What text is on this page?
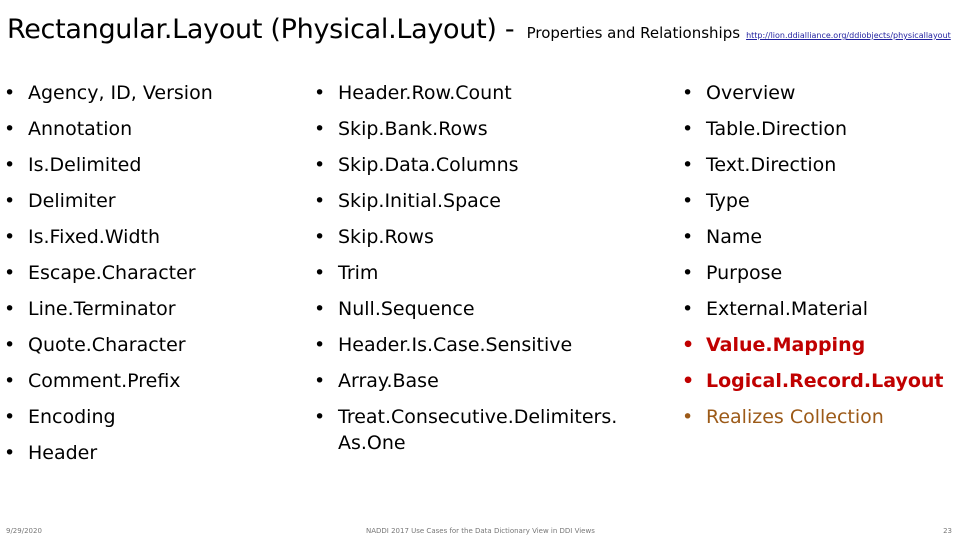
Rectangular.Layout (Physical.Layout) - Properties and Relationships http://lion.ddialliance.org/ddiobjects/physicallayout
• Agency, ID, Version
• Annotation
• Is.Delimited
• Delimiter
• Is.Fixed.Width
• Escape.Character
• Line.Terminator
• Quote.Character
• Comment.Prefix
• Encoding
• Header
• Header.Row.Count
• Skip.Bank.Rows
• Skip.Data.Columns
• Skip.Initial.Space
• Skip.Rows
• Trim
• Null.Sequence
• Header.Is.Case.Sensitive
• Array.Base
• Treat.Consecutive.Delimiters.As.One
• Overview
• Table.Direction
• Text.Direction
• Type
• Name
• Purpose
• External.Material
• Value.Mapping
• Logical.Record.Layout
• Realizes Collection
9/29/2020	NADDI 2017 Use Cases for the Data Dictionary View in DDI Views	23
